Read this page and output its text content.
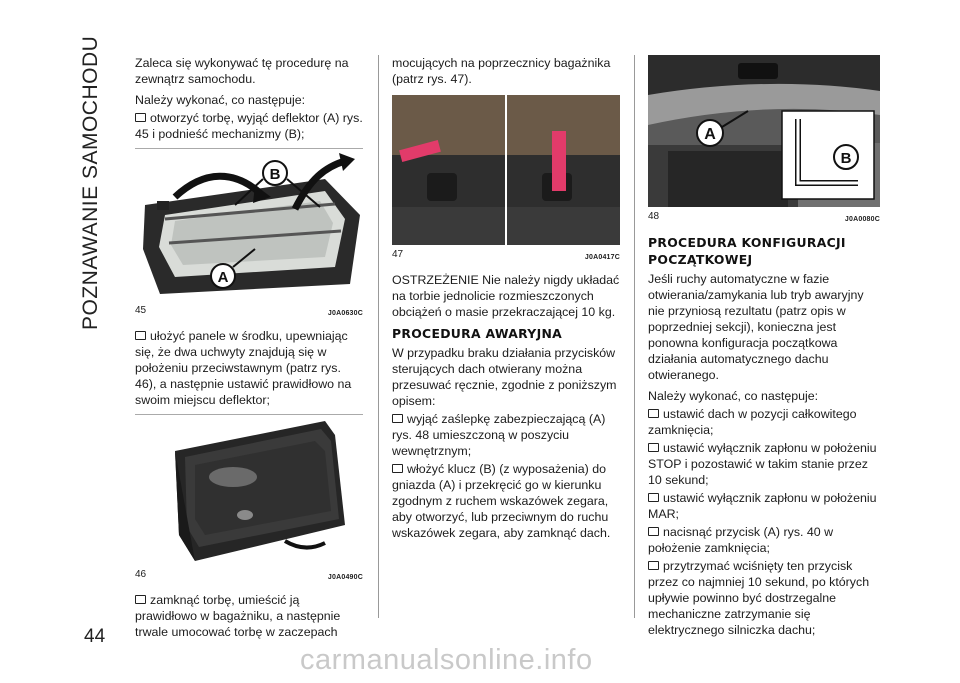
POZNAWANIE SAMOCHODU
44

Zaleca się wykonywać tę procedurę na zewnątrz samochodu.

Należy wykonać, co następuje:

otworzyć torbę, wyjąć deflektor (A) rys. 45 i podnieść mechanizmy (B);
B
A
45	J0A0630C
ułożyć panele w środku, upewniając się, że dwa uchwyty znajdują się w położeniu przeciwstawnym (patrz rys. 46), a następnie ustawić prawidłowo na swoim miejscu deflektor;
46	J0A0490C
zamknąć torbę, umieścić ją prawidłowo w bagażniku, a następnie trwale umocować torbę w zaczepach

mocujących na poprzecznicy bagażnika (patrz rys. 47).

47	J0A0417C

OSTRZEŻENIE Nie należy nigdy układać na torbie jednolicie rozmieszczonych obciążeń o masie przekraczającej 10 kg.

PROCEDURA AWARYJNA

W przypadku braku działania przycisków sterujących dach otwierany można przesuwać ręcznie, zgodnie z poniższym opisem:

wyjąć zaślepkę zabezpieczającą (A) rys. 48 umieszczoną w poszyciu wewnętrznym;
włożyć klucz (B) (z wyposażenia) do gniazda (A) i przekręcić go w kierunku zgodnym z ruchem wskazówek zegara, aby otworzyć, lub przeciwnym do ruchu wskazówek zegara, aby zamknąć dach.
A
B
48	J0A0080C
PROCEDURA KONFIGURACJI POCZĄTKOWEJ

Jeśli ruchy automatyczne w fazie otwierania/zamykania lub tryb awaryjny nie przyniosą rezultatu (patrz opis w poprzedniej sekcji), konieczna jest ponowna konfiguracja początkowa działania automatycznego dachu otwieranego.

Należy wykonać, co następuje:

ustawić dach w pozycji całkowitego zamknięcia;
ustawić wyłącznik zapłonu w położeniu STOP i pozostawić w takim stanie przez 10 sekund;
ustawić wyłącznik zapłonu w położeniu MAR;
nacisnąć przycisk (A) rys. 40 w położenie zamknięcia;
przytrzymać wciśnięty ten przycisk przez co najmniej 10 sekund, po których upływie powinno być dostrzegalne mechaniczne zatrzymanie się elektrycznego silniczka dachu;
carmanualsonline.info
